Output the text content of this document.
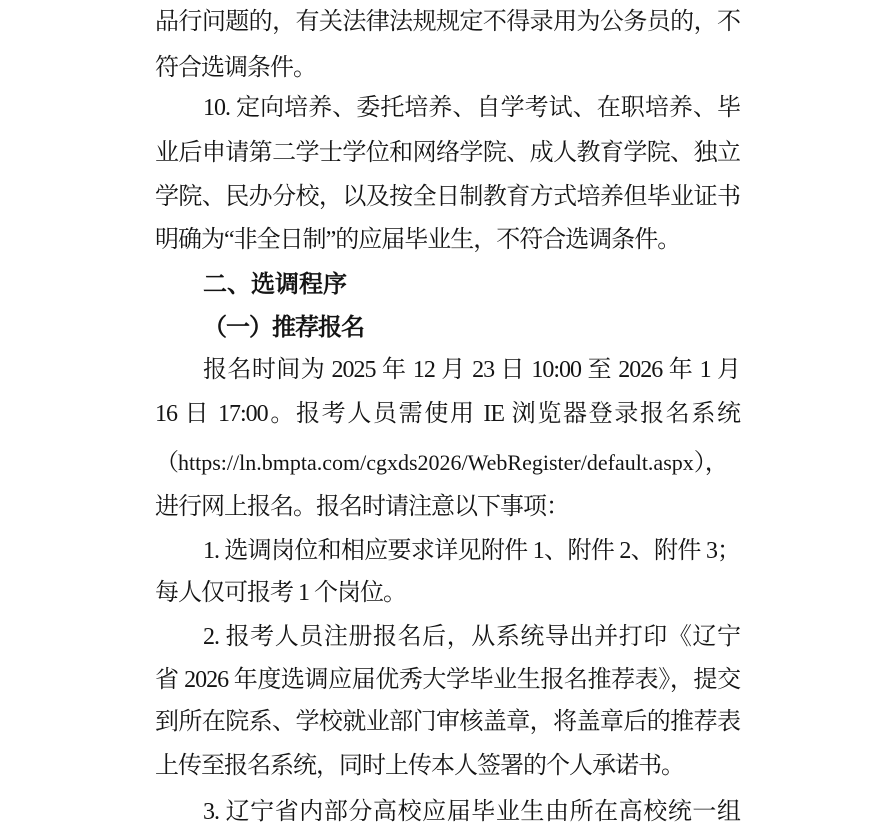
品行问题的，有关法律法规规定不得录用为公务员的，不
符合选调条件。
10. 定向培养、委托培养、自学考试、在职培养、毕
业后申请第二学士学位和网络学院、成人教育学院、独立
学院、民办分校，以及按全日制教育方式培养但毕业证书
明确为“非全日制”的应届毕业生，不符合选调条件。
二、选调程序
（一）推荐报名
报名时间为 2025 年 12 月 23 日 10:00 至 2026 年 1 月
16 日 17:00。报考人员需使用 IE 浏览器登录报名系统
（https://ln.bmpta.com/cgxds2026/WebRegister/default.aspx），
进行网上报名。报名时请注意以下事项：
1. 选调岗位和相应要求详见附件 1、附件 2、附件 3；
每人仅可报考 1 个岗位。
2. 报考人员注册报名后，从系统导出并打印《辽宁
省 2026 年度选调应届优秀大学毕业生报名推荐表》，提交
到所在院系、学校就业部门审核盖章，将盖章后的推荐表
上传至报名系统，同时上传本人签署的个人承诺书。
3. 辽宁省内部分高校应届毕业生由所在高校统一组
